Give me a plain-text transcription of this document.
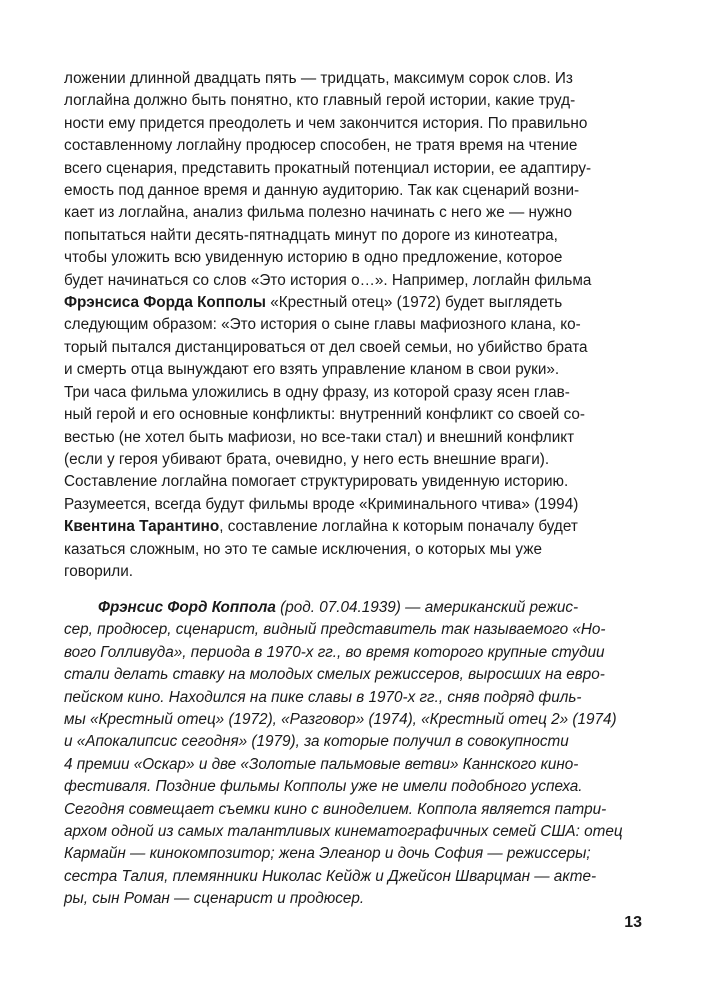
ложении длинной двадцать пять — тридцать, максимум сорок слов. Из
логлайна должно быть понятно, кто главный герой истории, какие труд-
ности ему придется преодолеть и чем закончится история. По правильно
составленному логлайну продюсер способен, не тратя время на чтение
всего сценария, представить прокатный потенциал истории, ее адаптиру-
емость под данное время и данную аудиторию. Так как сценарий возни-
кает из логлайна, анализ фильма полезно начинать с него же — нужно
попытаться найти десять-пятнадцать минут по дороге из кинотеатра,
чтобы уложить всю увиденную историю в одно предложение, которое
будет начинаться со слов «Это история о…». Например, логлайн фильма
Фрэнсиса Форда Копполы «Крестный отец» (1972) будет выглядеть
следующим образом: «Это история о сыне главы мафиозного клана, ко-
торый пытался дистанцироваться от дел своей семьи, но убийство брата
и смерть отца вынуждают его взять управление кланом в свои руки».
Три часа фильма уложились в одну фразу, из которой сразу ясен глав-
ный герой и его основные конфликты: внутренний конфликт со своей со-
вестью (не хотел быть мафиози, но все-таки стал) и внешний конфликт
(если у героя убивают брата, очевидно, у него есть внешние враги).
Составление логлайна помогает структурировать увиденную историю.
Разумеется, всегда будут фильмы вроде «Криминального чтива» (1994)
Квентина Тарантино, составление логлайна к которым поначалу будет
казаться сложным, но это те самые исключения, о которых мы уже
говорили.
Фрэнсис Форд Коппола (род. 07.04.1939) — американский режис-
сер, продюсер, сценарист, видный представитель так называемого «Но-
вого Голливуда», периода в 1970-х гг., во время которого крупные студии
стали делать ставку на молодых смелых режиссеров, выросших на евро-
пейском кино. Находился на пике славы в 1970-х гг., сняв подряд филь-
мы «Крестный отец» (1972), «Разговор» (1974), «Крестный отец 2» (1974)
и «Апокалипсис сегодня» (1979), за которые получил в совокупности
4 премии «Оскар» и две «Золотые пальмовые ветви» Каннского кино-
фестиваля. Поздние фильмы Копполы уже не имели подобного успеха.
Сегодня совмещает съемки кино с виноделием. Коппола является патри-
архом одной из самых талантливых кинематографичных семей США: отец
Кармайн — кинокомпозитор; жена Элеанор и дочь София — режиссеры;
сестра Талия, племянники Николас Кейдж и Джейсон Шварцман — акте-
ры, сын Роман — сценарист и продюсер.
13
